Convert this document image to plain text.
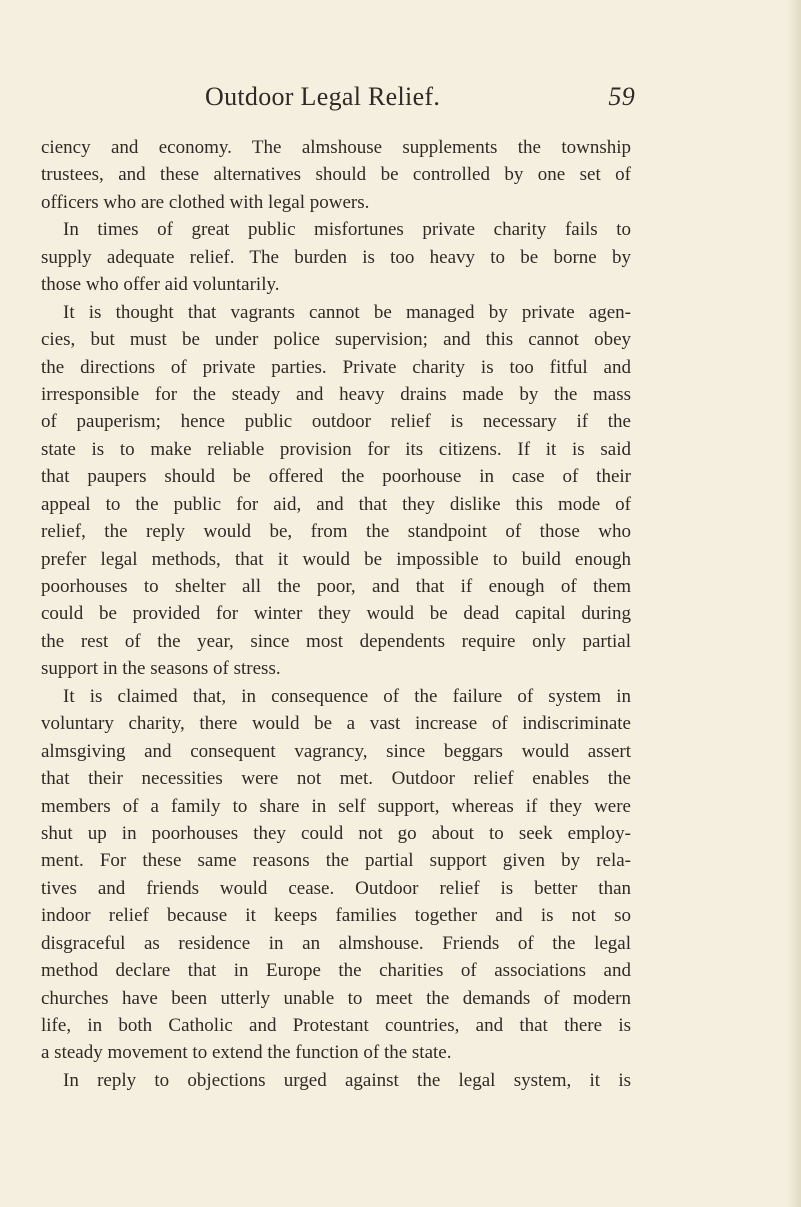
Outdoor Legal Relief.	59
ciency and economy. The almshouse supplements the township
trustees, and these alternatives should be controlled by one set of
officers who are clothed with legal powers.
In times of great public misfortunes private charity fails to
supply adequate relief. The burden is too heavy to be borne by
those who offer aid voluntarily.
It is thought that vagrants cannot be managed by private agen-
cies, but must be under police supervision; and this cannot obey
the directions of private parties. Private charity is too fitful and
irresponsible for the steady and heavy drains made by the mass
of pauperism; hence public outdoor relief is necessary if the
state is to make reliable provision for its citizens. If it is said
that paupers should be offered the poorhouse in case of their
appeal to the public for aid, and that they dislike this mode of
relief, the reply would be, from the standpoint of those who
prefer legal methods, that it would be impossible to build enough
poorhouses to shelter all the poor, and that if enough of them
could be provided for winter they would be dead capital during
the rest of the year, since most dependents require only partial
support in the seasons of stress.
It is claimed that, in consequence of the failure of system in
voluntary charity, there would be a vast increase of indiscriminate
almsgiving and consequent vagrancy, since beggars would assert
that their necessities were not met. Outdoor relief enables the
members of a family to share in self support, whereas if they were
shut up in poorhouses they could not go about to seek employ-
ment. For these same reasons the partial support given by rela-
tives and friends would cease. Outdoor relief is better than
indoor relief because it keeps families together and is not so
disgraceful as residence in an almshouse. Friends of the legal
method declare that in Europe the charities of associations and
churches have been utterly unable to meet the demands of modern
life, in both Catholic and Protestant countries, and that there is
a steady movement to extend the function of the state.
In reply to objections urged against the legal system, it is
